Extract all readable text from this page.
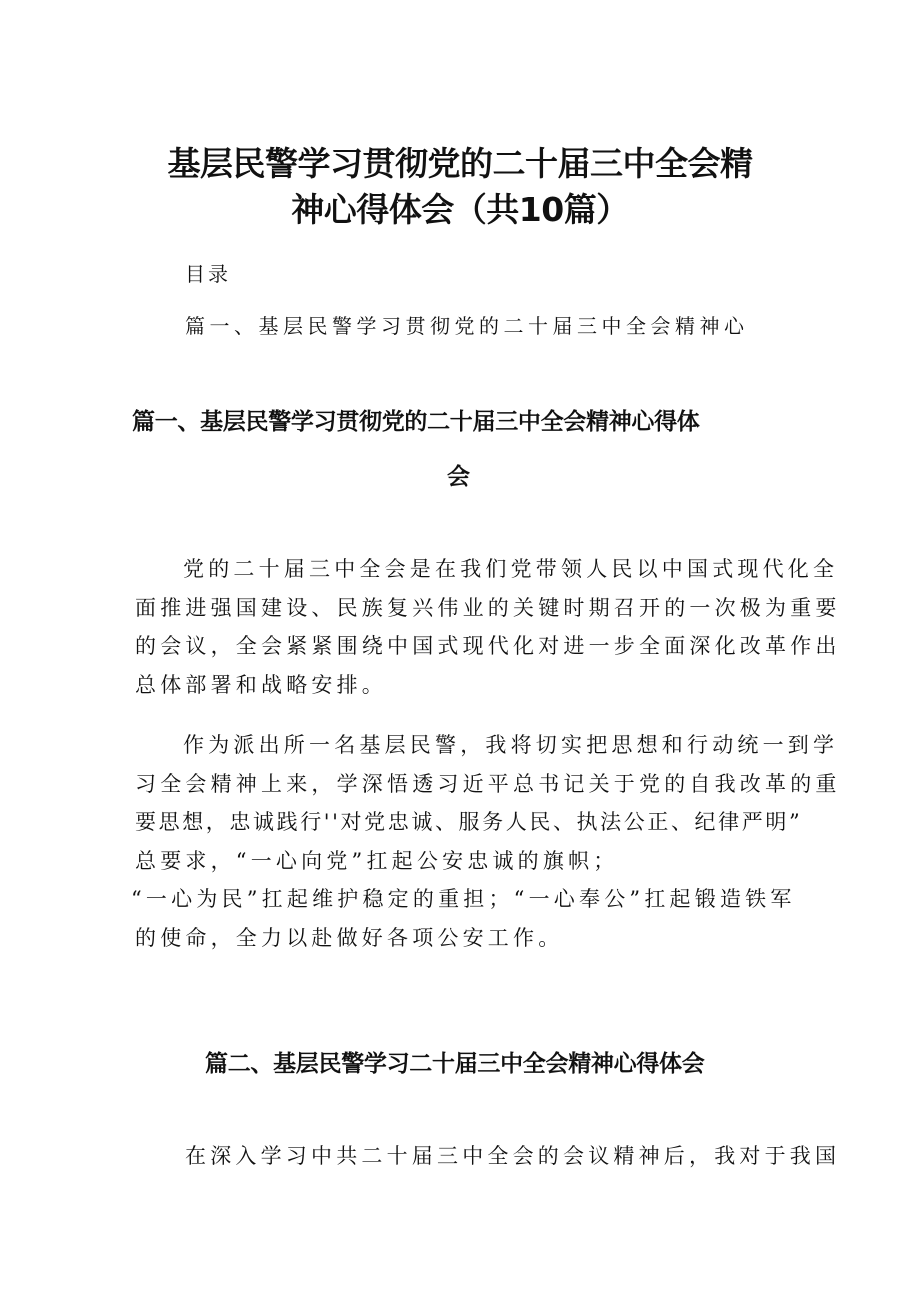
基层民警学习贯彻党的二十届三中全会精
神心得体会（共10篇）

目录

篇一、基层民警学习贯彻党的二十届三中全会精神心

篇一、基层民警学习贯彻党的二十届三中全会精神心得体
会
党的二十届三中全会是在我们党带领人民以中国式现代化全
面推进强国建设、民族复兴伟业的关键时期召开的一次极为重要
的会议，全会紧紧围绕中国式现代化对进一步全面深化改革作出
总体部署和战略安排。
作为派出所一名基层民警，我将切实把思想和行动统一到学
习全会精神上来，学深悟透习近平总书记关于党的自我改革的重
要思想，忠诚践行''对党忠诚、服务人民、执法公正、纪律严明”
总要求，“一心向党”扛起公安忠诚的旗帜；
“一心为民”扛起维护稳定的重担；“一心奉公”扛起锻造铁军
的使命，全力以赴做好各项公安工作。
篇二、基层民警学习二十届三中全会精神心得体会

在深入学习中共二十届三中全会的会议精神后，我对于我国
